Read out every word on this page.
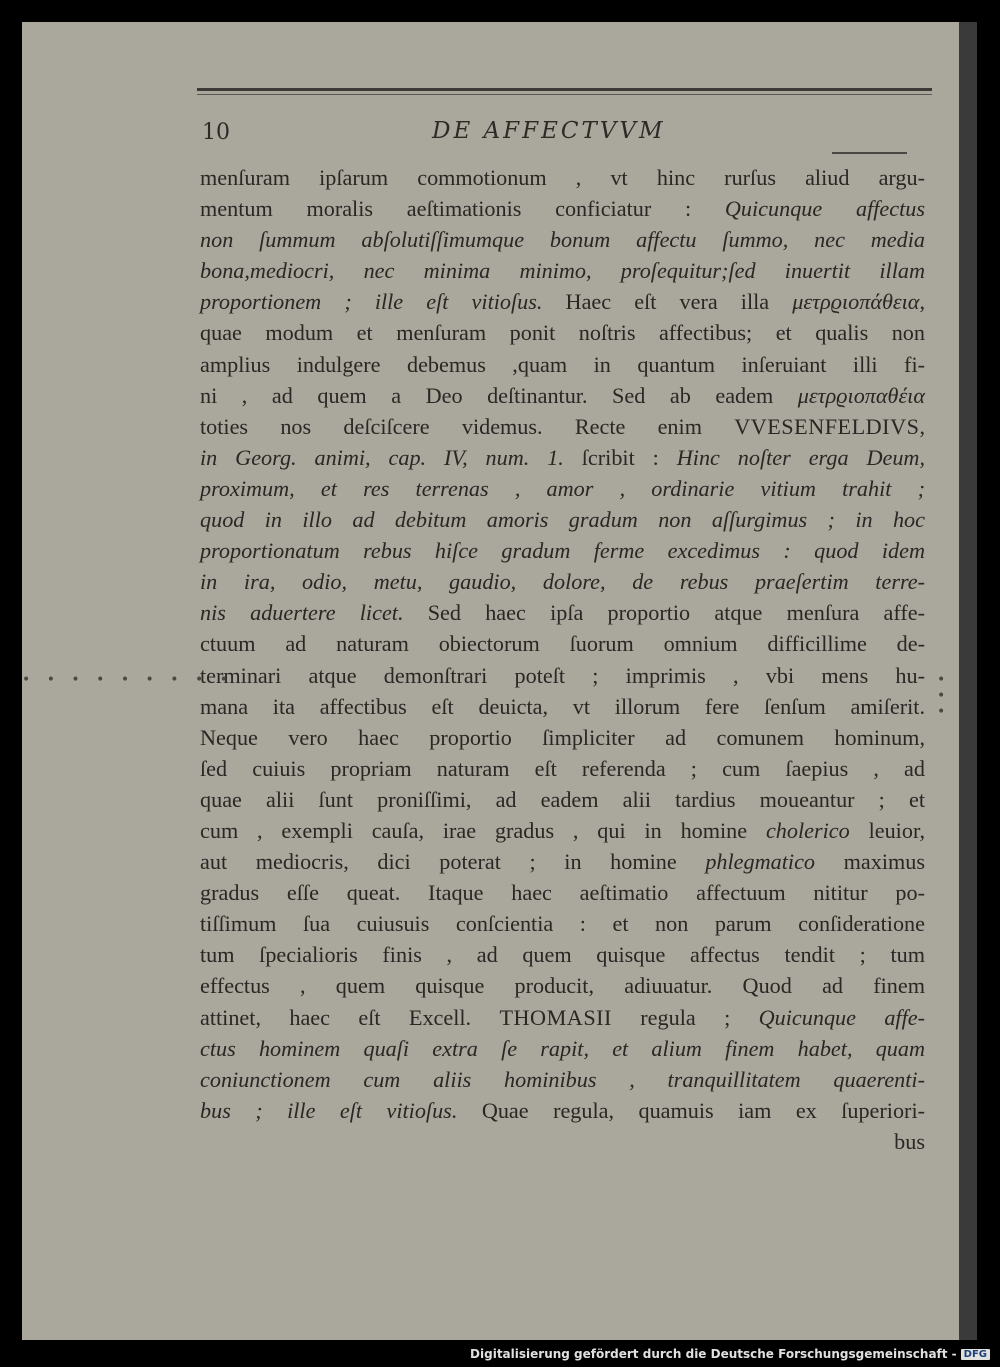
10	DE AFFECTVVM
menſuram ipſarum commotionum , vt hinc rurſus aliud argu-
mentum moralis aeſtimationis conficiatur : Quicunque affectus
non ſummum abſolutiſſimumque bonum affectu ſummo, nec media
bona,mediocri, nec minima minimo, proſequitur;ſed inuertit illam
proportionem ; ille eſt vitioſus. Haec eſt vera illa μετρϱιοπάθεια,
quae modum et menſuram ponit noſtris affectibus; et qualis non
amplius indulgere debemus ,quam in quantum inſeruiant illi fi-
ni , ad quem a Deo deſtinantur. Sed ab eadem μετρϱιοπαθέια
toties nos deſciſcere videmus. Recte enim VVESENFELDIVS,
in Georg. animi, cap. IV, num. 1. ſcribit : Hinc noſter erga Deum,
proximum, et res terrenas , amor , ordinarie vitium trahit ;
quod in illo ad debitum amoris gradum non aſſurgimus ; in hoc
proportionatum rebus hiſce gradum ferme excedimus : quod idem
in ira, odio, metu, gaudio, dolore, de rebus praeſertim terre-
nis aduertere licet. Sed haec ipſa proportio atque menſura affe-
ctuum ad naturam obiectorum ſuorum omnium difficillime de-
terminari atque demonſtrari poteſt ; imprimis , vbi mens hu-
mana ita affectibus eſt deuicta, vt illorum fere ſenſum amiſerit.
Neque vero haec proportio ſimpliciter ad comunem hominum,
ſed cuiuis propriam naturam eſt referenda ; cum ſaepius , ad
quae alii ſunt proniſſimi, ad eadem alii tardius moueantur ; et
cum , exempli cauſa, irae gradus , qui in homine cholerico leuior,
aut mediocris, dici poterat ; in homine phlegmatico maximus
gradus eſſe queat. Itaque haec aeſtimatio affectuum nititur po-
tiſſimum ſua cuiusuis conſcientia : et non parum conſideratione
tum ſpecialioris finis , ad quem quisque affectus tendit ; tum
effectus , quem quisque producit, adiuuatur. Quod ad finem
attinet, haec eſt Excell. THOMASII regula ; Quicunque affe-
ctus hominem quaſi extra ſe rapit, et alium finem habet, quam
coniunctionem cum aliis hominibus , tranquillitatem quaerenti-
bus ; ille eſt vitioſus. Quae regula, quamuis iam ex ſuperiori-
bus
• • • • • • • • •	• • •
Digitalisierung gefördert durch die Deutsche Forschungsgemeinschaft - DFG
